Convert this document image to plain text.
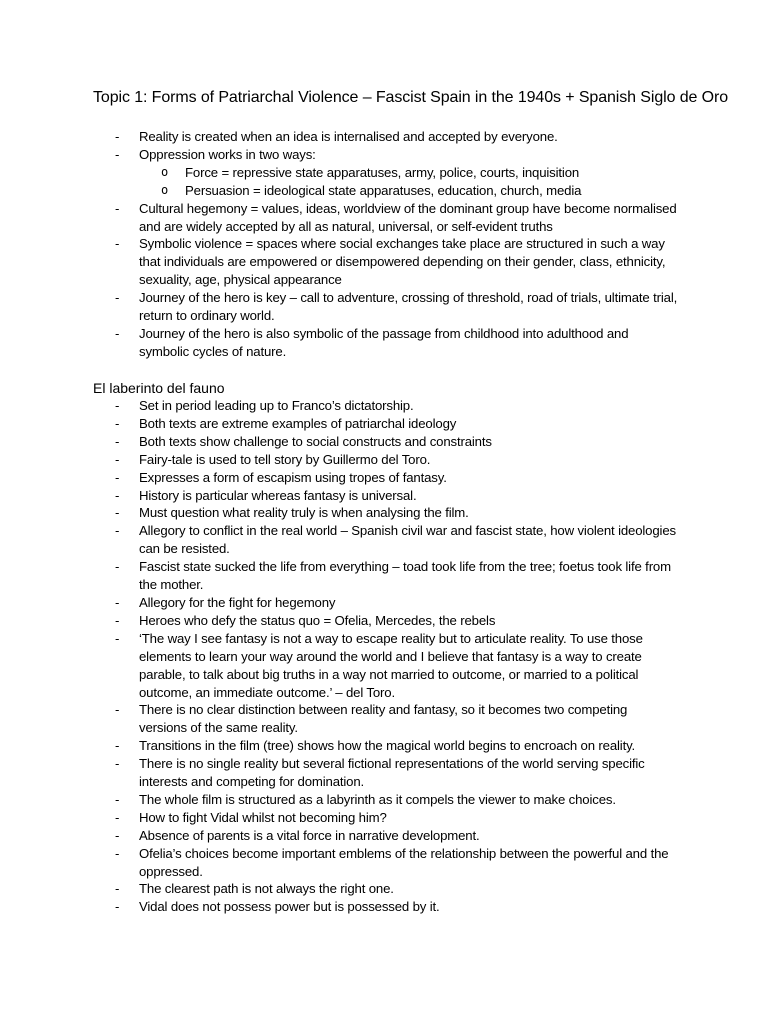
Topic 1: Forms of Patriarchal Violence – Fascist Spain in the 1940s + Spanish Siglo de Oro
- Reality is created when an idea is internalised and accepted by everyone.
- Oppression works in two ways:
o Force = repressive state apparatuses, army, police, courts, inquisition
o Persuasion = ideological state apparatuses, education, church, media
- Cultural hegemony = values, ideas, worldview of the dominant group have become normalised and are widely accepted by all as natural, universal, or self-evident truths
- Symbolic violence = spaces where social exchanges take place are structured in such a way that individuals are empowered or disempowered depending on their gender, class, ethnicity, sexuality, age, physical appearance
- Journey of the hero is key – call to adventure, crossing of threshold, road of trials, ultimate trial, return to ordinary world.
- Journey of the hero is also symbolic of the passage from childhood into adulthood and symbolic cycles of nature.
El laberinto del fauno
- Set in period leading up to Franco’s dictatorship.
- Both texts are extreme examples of patriarchal ideology
- Both texts show challenge to social constructs and constraints
- Fairy-tale is used to tell story by Guillermo del Toro.
- Expresses a form of escapism using tropes of fantasy.
- History is particular whereas fantasy is universal.
- Must question what reality truly is when analysing the film.
- Allegory to conflict in the real world – Spanish civil war and fascist state, how violent ideologies can be resisted.
- Fascist state sucked the life from everything – toad took life from the tree; foetus took life from the mother.
- Allegory for the fight for hegemony
- Heroes who defy the status quo = Ofelia, Mercedes, the rebels
- ‘The way I see fantasy is not a way to escape reality but to articulate reality. To use those elements to learn your way around the world and I believe that fantasy is a way to create parable, to talk about big truths in a way not married to outcome, or married to a political outcome, an immediate outcome.’ – del Toro.
- There is no clear distinction between reality and fantasy, so it becomes two competing versions of the same reality.
- Transitions in the film (tree) shows how the magical world begins to encroach on reality.
- There is no single reality but several fictional representations of the world serving specific interests and competing for domination.
- The whole film is structured as a labyrinth as it compels the viewer to make choices.
- How to fight Vidal whilst not becoming him?
- Absence of parents is a vital force in narrative development.
- Ofelia’s choices become important emblems of the relationship between the powerful and the oppressed.
- The clearest path is not always the right one.
- Vidal does not possess power but is possessed by it.
